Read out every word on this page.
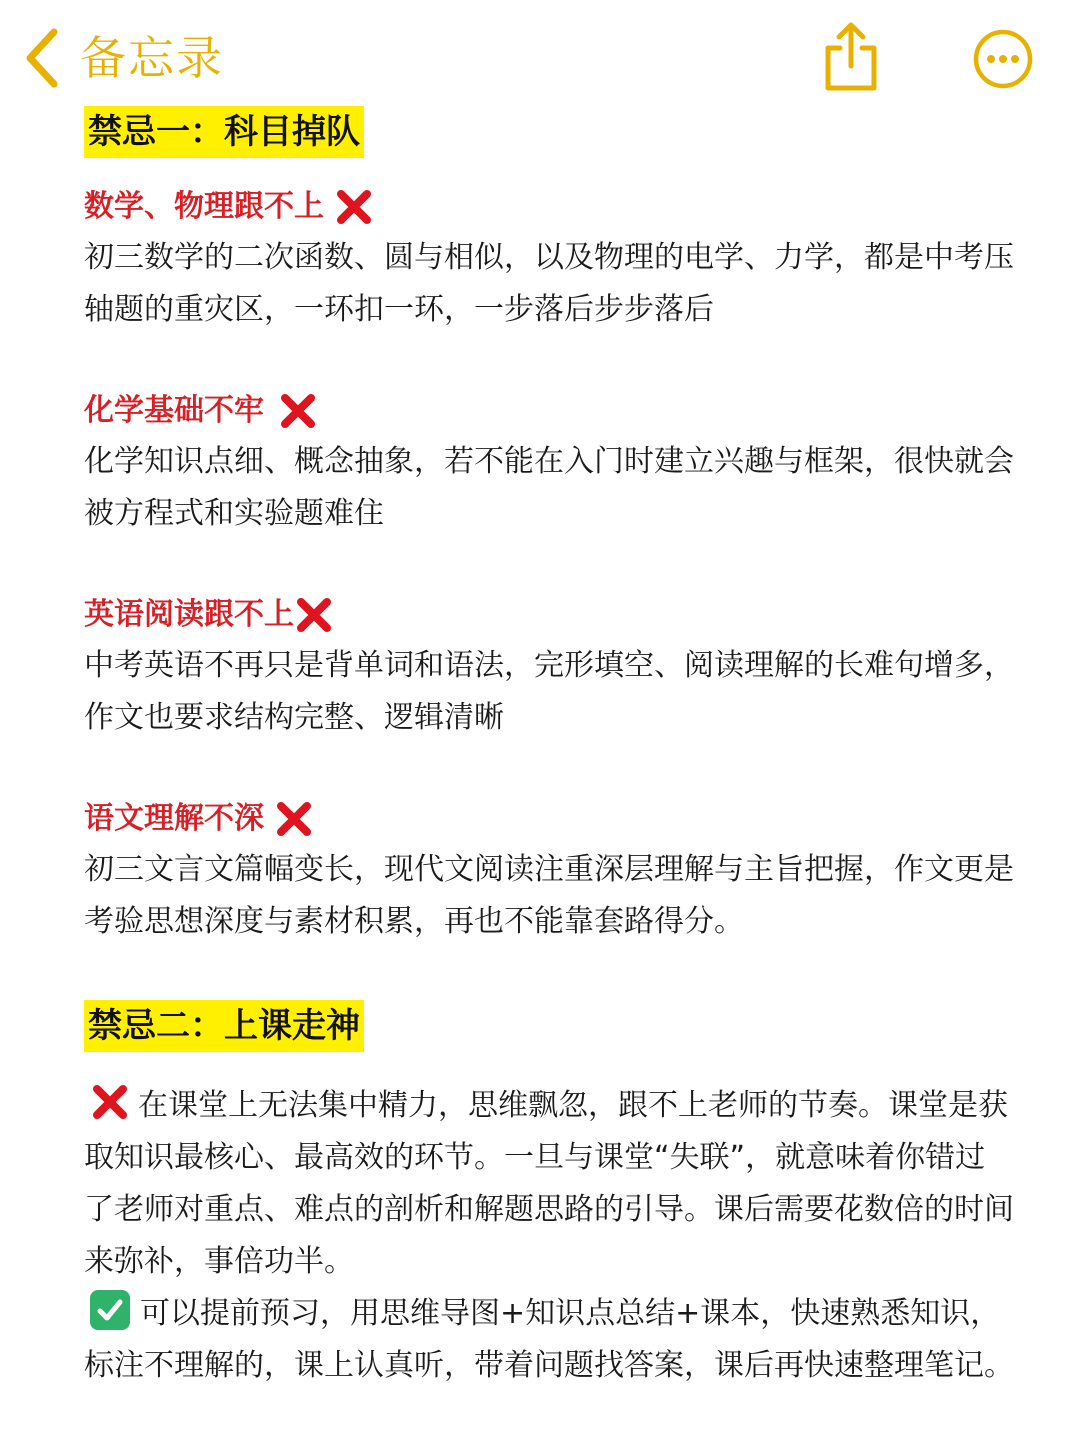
备忘录
禁忌一：科目掉队
数学、物理跟不上

初三数学的二次函数、圆与相似，以及物理的电学、力学，都是中考压轴题的重灾区，一环扣一环，一步落后步步落后

化学基础不牢

化学知识点细、概念抽象，若不能在入门时建立兴趣与框架，很快就会被方程式和实验题难住

英语阅读跟不上

中考英语不再只是背单词和语法，完形填空、阅读理解的长难句增多，作文也要求结构完整、逻辑清晰

语文理解不深

初三文言文篇幅变长，现代文阅读注重深层理解与主旨把握，作文更是考验思想深度与素材积累，再也不能靠套路得分。

禁忌二：上课走神

在课堂上无法集中精力，思维飘忽，跟不上老师的节奏。课堂是获取知识最核心、最高效的环节。一旦与课堂“失联”，就意味着你错过了老师对重点、难点的剖析和解题思路的引导。课后需要花数倍的时间来弥补，事倍功半。

可以提前预习，用思维导图+知识点总结+课本，快速熟悉知识，标注不理解的，课上认真听，带着问题找答案，课后再快速整理笔记。
